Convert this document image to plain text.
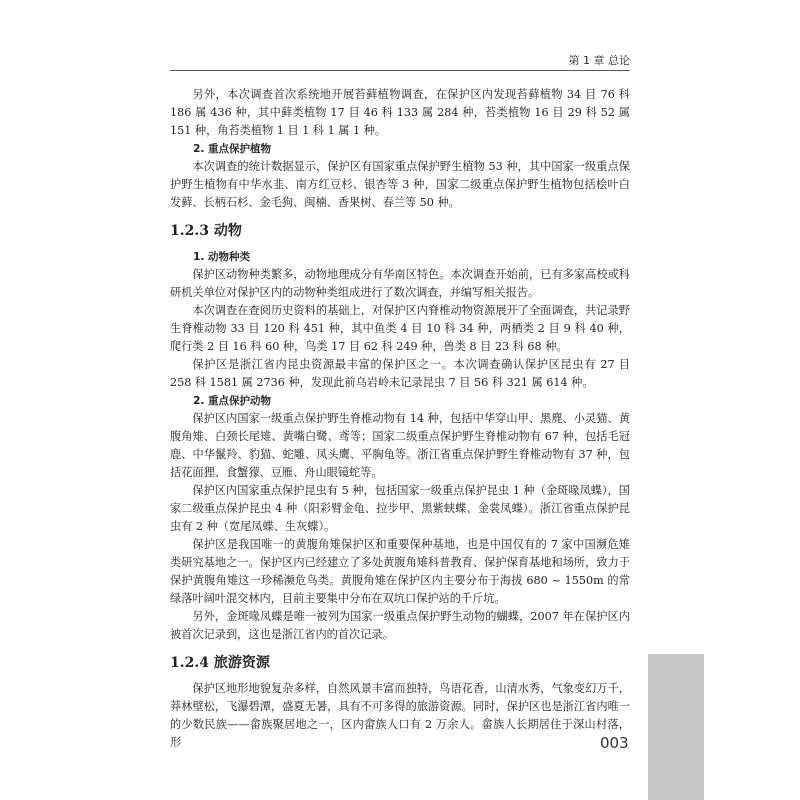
第 1 章 总论

另外，本次调查首次系统地开展苔藓植物调查，在保护区内发现苔藓植物 34 目 76 科 186 属 436 种，其中藓类植物 17 目 46 科 133 属 284 种，苔类植物 16 目 29 科 52 属 151 种，角苔类植物 1 目 1 科 1 属 1 种。

2. 重点保护植物

本次调查的统计数据显示，保护区有国家重点保护野生植物 53 种，其中国家一级重点保护野生植物有中华水韭、南方红豆杉、银杏等 3 种，国家二级重点保护野生植物包括桧叶白发藓、长柄石杉、金毛狗、闽楠、香果树、春兰等 50 种。

1.2.3 动物
1. 动物种类

保护区动物种类繁多，动物地理成分有华南区特色。本次调查开始前，已有多家高校或科研机关单位对保护区内的动物种类组成进行了数次调查，并编写相关报告。

本次调查在查阅历史资料的基础上，对保护区内脊椎动物资源展开了全面调查，共记录野生脊椎动物 33 目 120 科 451 种，其中鱼类 4 目 10 科 34 种，两栖类 2 目 9 科 40 种，爬行类 2 目 16 科 60 种，鸟类 17 目 62 科 249 种，兽类 8 目 23 科 68 种。

保护区是浙江省内昆虫资源最丰富的保护区之一。本次调查确认保护区昆虫有 27 目 258 科 1581 属 2736 种，发现此前乌岩岭未记录昆虫 7 目 56 科 321 属 614 种。

2. 重点保护动物

保护区内国家一级重点保护野生脊椎动物有 14 种，包括中华穿山甲、黑麂、小灵猫、黄腹角雉、白颈长尾雉、黄嘴白鹭、鸢等；国家二级重点保护野生脊椎动物有 67 种，包括毛冠鹿、中华鬣羚、豹猫、蛇雕、凤头鹰、平胸龟等。浙江省重点保护野生脊椎动物有 37 种，包括花面狸、食蟹獴、豆雁、舟山眼镜蛇等。

保护区内国家重点保护昆虫有 5 种，包括国家一级重点保护昆虫 1 种（金斑喙凤蝶），国家二级重点保护昆虫 4 种（阳彩臂金龟、拉步甲、黑紫蛱蝶、金裳凤蝶）。浙江省重点保护昆虫有 2 种（宽尾凤蝶、生灰蝶）。

保护区是我国唯一的黄腹角雉保护区和重要保种基地，也是中国仅有的 7 家中国濒危雉类研究基地之一。保护区内已经建立了多处黄腹角雉科普教育、保护保育基地和场所，致力于保护黄腹角雉这一珍稀濒危鸟类。黄腹角雉在保护区内主要分布于海拔 680 ~ 1550m 的常绿落叶阔叶混交林内，目前主要集中分布在双坑口保护站的千斤坑。

另外，金斑喙凤蝶是唯一被列为国家一级重点保护野生动物的蝴蝶，2007 年在保护区内被首次记录到，这也是浙江省内的首次记录。

1.2.4 旅游资源

保护区地形地貌复杂多样，自然风景丰富而独特，鸟语花香，山清水秀，气象变幻万千，莽林壁松，飞瀑碧潭，盛夏无暑，具有不可多得的旅游资源。同时，保护区也是浙江省内唯一的少数民族——畲族聚居地之一，区内畲族人口有 2 万余人。畲族人长期居住于深山村落，形	003
